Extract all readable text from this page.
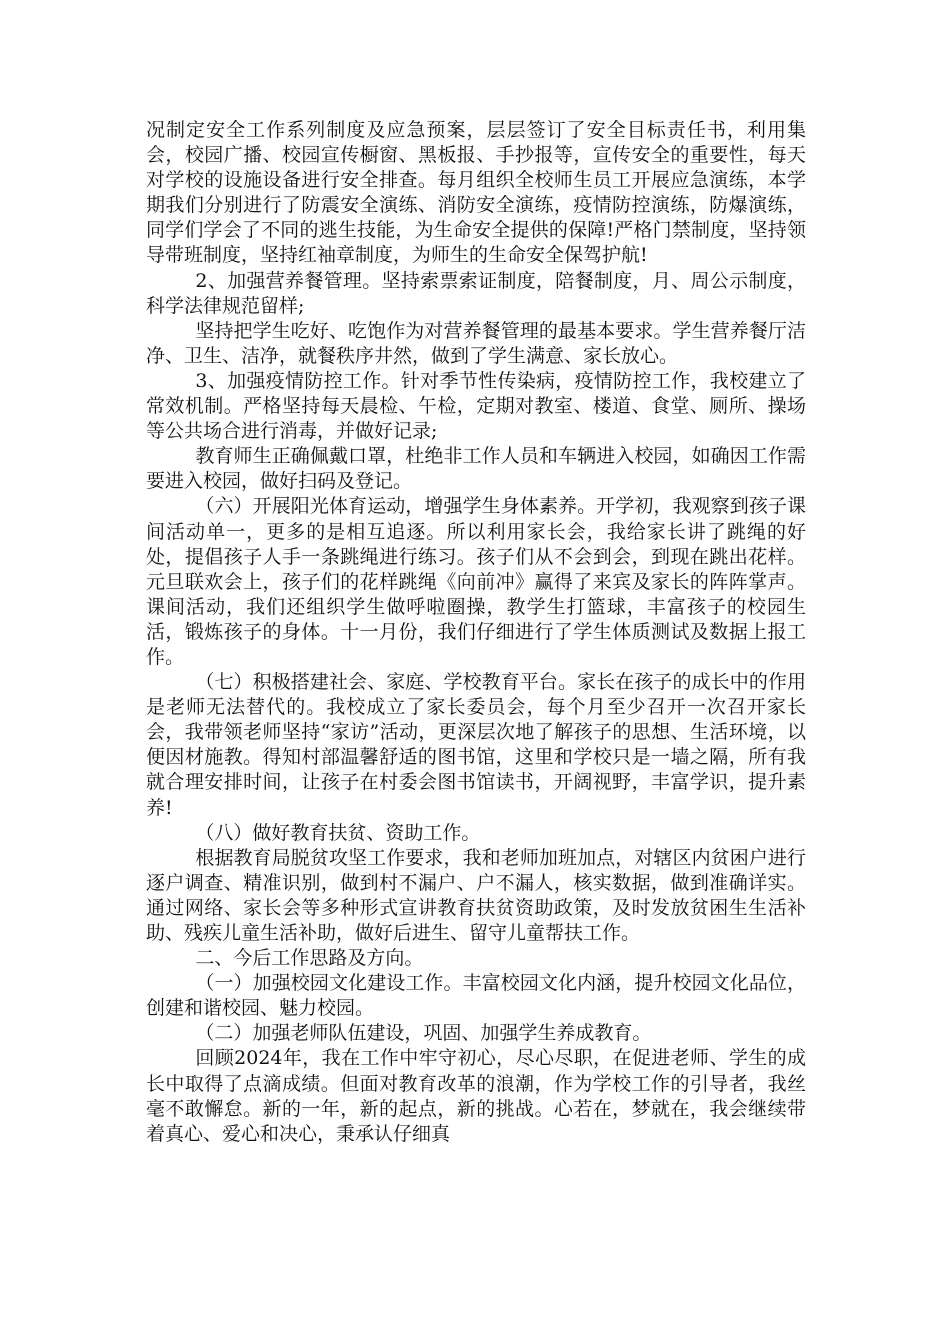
况制定安全工作系列制度及应急预案，层层签订了安全目标责任书，利用集会，校园广播、校园宣传橱窗、黑板报、手抄报等，宣传安全的重要性，每天对学校的设施设备进行安全排查。每月组织全校师生员工开展应急演练，本学期我们分别进行了防震安全演练、消防安全演练，疫情防控演练，防爆演练，同学们学会了不同的逃生技能，为生命安全提供的保障!严格门禁制度，坚持领导带班制度，坚持红袖章制度，为师生的生命安全保驾护航!

2、加强营养餐管理。坚持索票索证制度，陪餐制度，月、周公示制度，科学法律规范留样;

坚持把学生吃好、吃饱作为对营养餐管理的最基本要求。学生营养餐厅洁净、卫生、洁净，就餐秩序井然，做到了学生满意、家长放心。

3、加强疫情防控工作。针对季节性传染病，疫情防控工作，我校建立了常效机制。严格坚持每天晨检、午检，定期对教室、楼道、食堂、厕所、操场等公共场合进行消毒，并做好记录;

教育师生正确佩戴口罩，杜绝非工作人员和车辆进入校园，如确因工作需要进入校园，做好扫码及登记。

（六）开展阳光体育运动，增强学生身体素养。开学初，我观察到孩子课间活动单一，更多的是相互追逐。所以利用家长会，我给家长讲了跳绳的好处，提倡孩子人手一条跳绳进行练习。孩子们从不会到会，到现在跳出花样。元旦联欢会上，孩子们的花样跳绳《向前冲》赢得了来宾及家长的阵阵掌声。课间活动，我们还组织学生做呼啦圈操，教学生打篮球，丰富孩子的校园生活，锻炼孩子的身体。十一月份，我们仔细进行了学生体质测试及数据上报工作。

（七）积极搭建社会、家庭、学校教育平台。家长在孩子的成长中的作用是老师无法替代的。我校成立了家长委员会，每个月至少召开一次召开家长会，我带领老师坚持“家访”活动，更深层次地了解孩子的思想、生活环境，以便因材施教。得知村部温馨舒适的图书馆，这里和学校只是一墙之隔，所有我就合理安排时间，让孩子在村委会图书馆读书，开阔视野，丰富学识，提升素养!

（八）做好教育扶贫、资助工作。

根据教育局脱贫攻坚工作要求，我和老师加班加点，对辖区内贫困户进行逐户调查、精准识别，做到村不漏户、户不漏人，核实数据，做到准确详实。通过网络、家长会等多种形式宣讲教育扶贫资助政策，及时发放贫困生生活补助、残疾儿童生活补助，做好后进生、留守儿童帮扶工作。

二、今后工作思路及方向。

（一）加强校园文化建设工作。丰富校园文化内涵，提升校园文化品位，创建和谐校园、魅力校园。

（二）加强老师队伍建设，巩固、加强学生养成教育。

回顾2024年，我在工作中牢守初心，尽心尽职，在促进老师、学生的成长中取得了点滴成绩。但面对教育改革的浪潮，作为学校工作的引导者，我丝毫不敢懈怠。新的一年，新的起点，新的挑战。心若在，梦就在，我会继续带着真心、爱心和决心，秉承认仔细真
